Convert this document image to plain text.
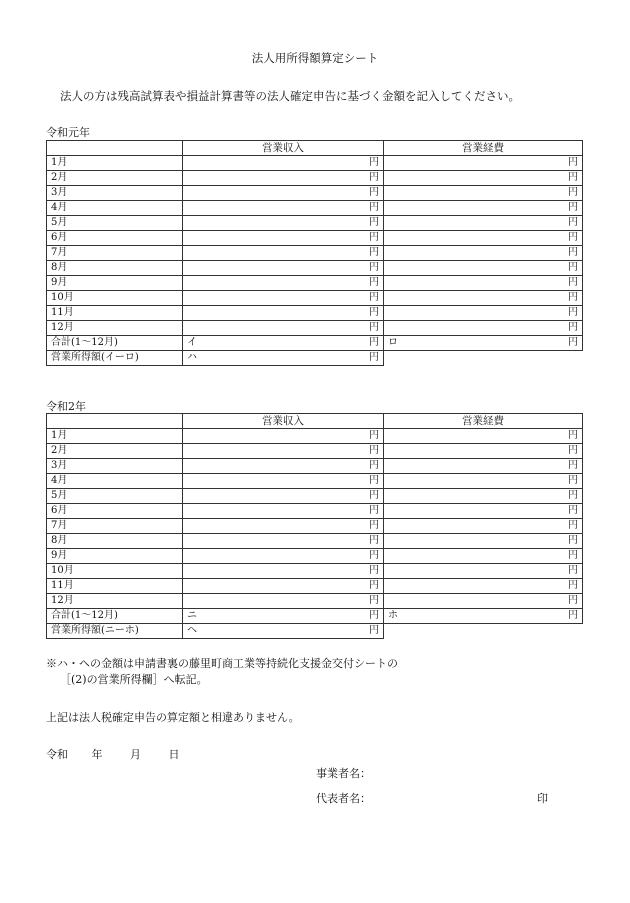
法人用所得額算定シート
法人の方は残高試算表や損益計算書等の法人確定申告に基づく金額を記入してください。
令和元年
	営業収入	営業経費
1月	円	円

2月	円	円

3月	円	円

4月	円	円

5月	円	円

6月	円	円

7月	円	円

8月	円	円

9月	円	円

10月	円	円

11月	円	円

12月	円	円

合計(1〜12月)	イ 円	ロ 円

営業所得額(イーロ)	ハ 円	

令和2年
	営業収入	営業経費
1月	円	円

2月	円	円

3月	円	円

4月	円	円

5月	円	円

6月	円	円

7月	円	円

8月	円	円

9月	円	円

10月	円	円

11月	円	円

12月	円	円

合計(1〜12月)	ニ 円	ホ 円

営業所得額(ニーホ)	ヘ 円	

※ハ・ヘの金額は申請書裏の藤里町商工業等持続化支援金交付シートの
［(2)の営業所得欄］へ転記。
上記は法人税確定申告の算定額と相違ありません。
令和 年	月	日
事業者名：
代表者名：	印
